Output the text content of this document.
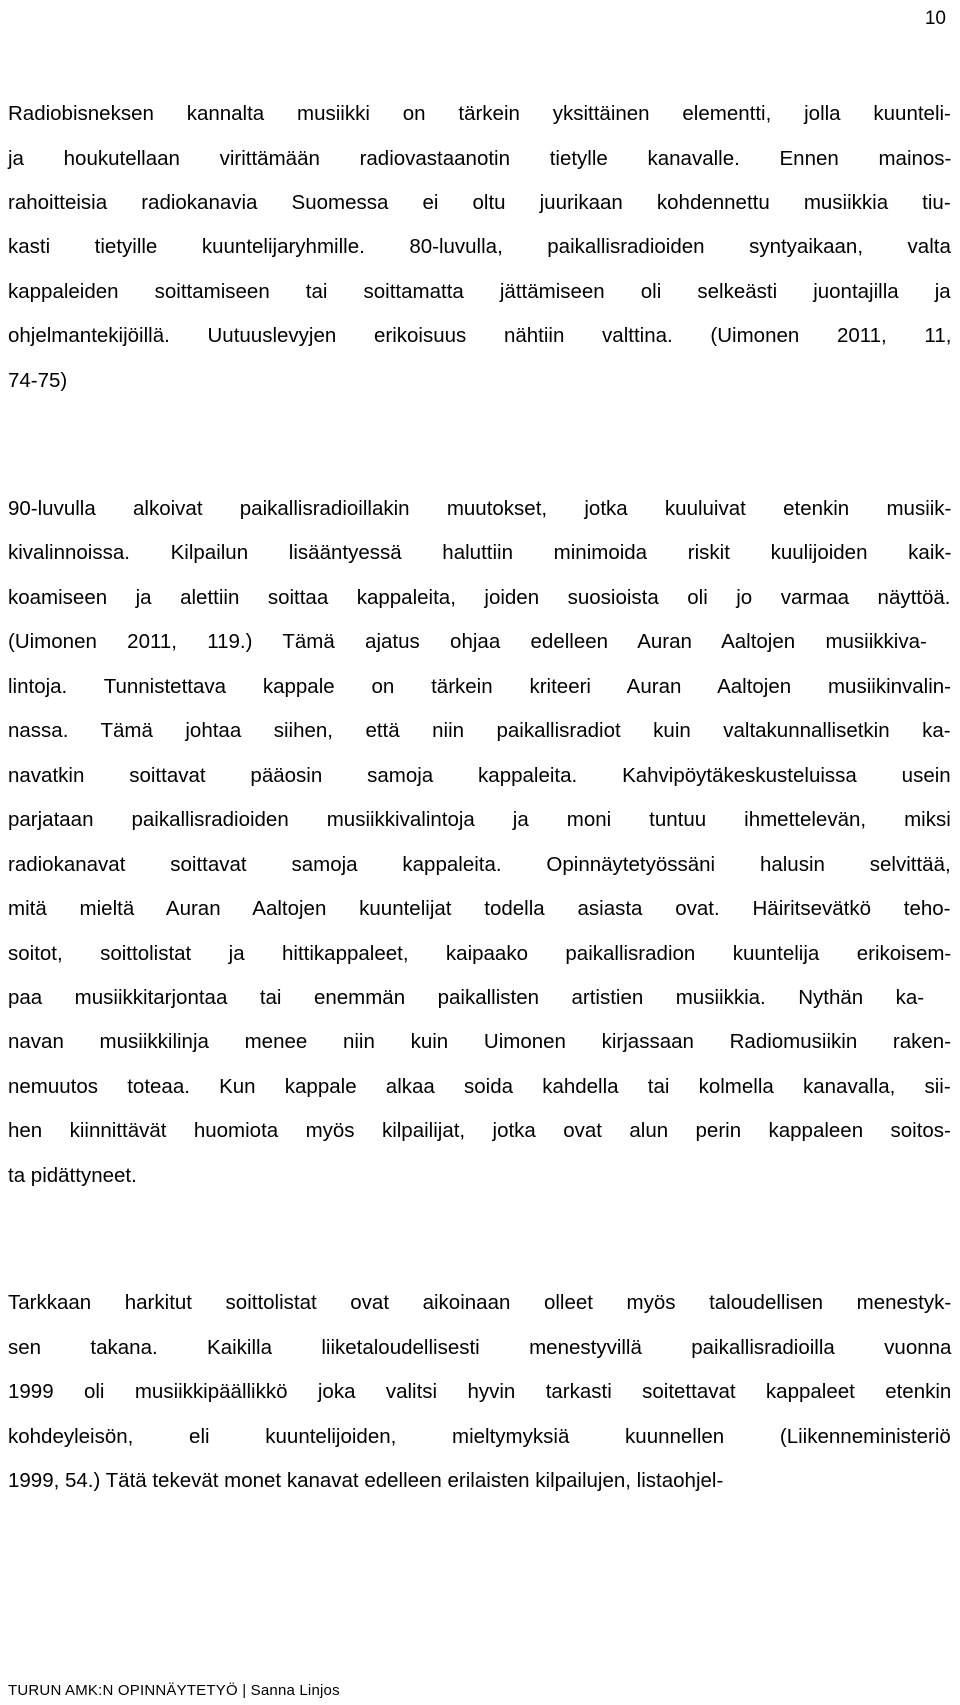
10
Radiobisneksen kannalta musiikki on tärkein yksittäinen elementti, jolla kuunteli-
ja houkutellaan virittämään radiovastaanotin tietylle kanavalle. Ennen mainos-
rahoitteisia radiokanavia Suomessa ei oltu juurikaan kohdennettu musiikkia tiu-
kasti tietyille kuuntelijaryhmille. 80-luvulla, paikallisradioiden syntyaikaan, valta
kappaleiden soittamiseen tai soittamatta jättämiseen oli selkeästi juontajilla ja
ohjelmantekijöillä. Uutuuslevyjen erikoisuus nähtiin valttina. (Uimonen 2011, 11,
74-75)
90-luvulla alkoivat paikallisradioillakin muutokset, jotka kuuluivat etenkin musiik-
kivalinnoissa. Kilpailun lisääntyessä haluttiin minimoida riskit kuulijoiden kaik-
koamiseen ja alettiin soittaa kappaleita, joiden suosioista oli jo varmaa näyttöä.
(Uimonen 2011, 119.) Tämä ajatus ohjaa edelleen Auran Aaltojen musiikkiva-
lintoja. Tunnistettava kappale on tärkein kriteeri Auran Aaltojen musiikinvalin-
nassa. Tämä johtaa siihen, että niin paikallisradiot kuin valtakunnallisetkin ka-
navatkin soittavat pääosin samoja kappaleita. Kahvipöytäkeskusteluissa usein
parjataan paikallisradioiden musiikkivalintoja ja moni tuntuu ihmettelevän, miksi
radiokanavat soittavat samoja kappaleita. Opinnäytetyössäni halusin selvittää,
mitä mieltä Auran Aaltojen kuuntelijat todella asiasta ovat. Häiritsevätkö teho-
soitot, soittolistat ja hittikappaleet, kaipaako paikallisradion kuuntelija erikoisem-
paa musiikkitarjontaa tai enemmän paikallisten artistien musiikkia. Nythän ka-
navan musiikkilinja menee niin kuin Uimonen kirjassaan Radiomusiikin raken-
nemuutos toteaa. Kun kappale alkaa soida kahdella tai kolmella kanavalla, sii-
hen kiinnittävät huomiota myös kilpailijat, jotka ovat alun perin kappaleen soitos-
ta pidättyneet.
Tarkkaan harkitut soittolistat ovat aikoinaan olleet myös taloudellisen menestyk-
sen takana. Kaikilla liiketaloudellisesti menestyvillä paikallisradioilla vuonna
1999 oli musiikkipäällikkö joka valitsi hyvin tarkasti soitettavat kappaleet etenkin
kohdeyleisön, eli kuuntelijoiden, mieltymyksiä kuunnellen (Liikenneministeriö
1999, 54.) Tätä tekevät monet kanavat edelleen erilaisten kilpailujen, listaohjel-
TURUN AMK:N OPINNÄYTETYÖ | Sanna Linjos
